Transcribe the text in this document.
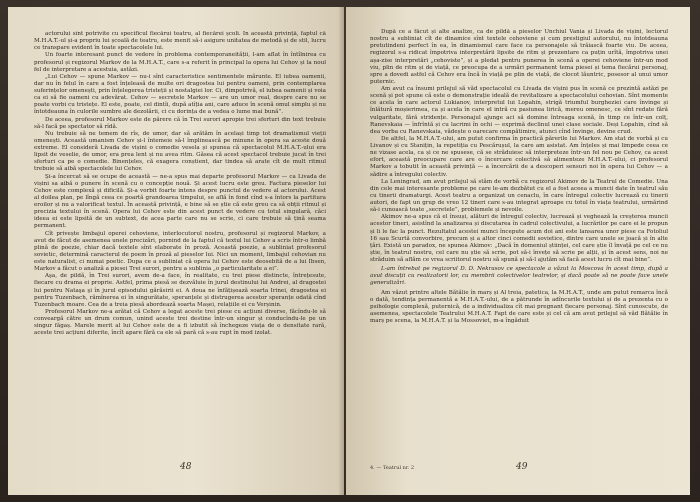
actorului sînt potrivite cu specificul fiecărui teatru, al fiecărei școli. În această privință, faptul că M.H.A.T.-ul și-a propriu lui școală de teatru, este menit să-i asigure unitatea de metodă și de stil, lucru ce transpare evident în toate spectacolele lui.

Un foarte interesant punct de vedere în problema contemporaneității, l-am aflat în întîlnirea cu profesorul și regizorul Markov de la M.H.A.T., care s-a referit în principal la opera lui Cehov și la noul fel de interpretare a acestuia, astăzi.

„Lui Cehov — spune Markov — nu-i sînt caracteristice sentimentele mărunte. El iubea oamenii, dar nu în felul în care a fost înțeleasă de multe ori dragostea lui pentru oameni, prin contemplarea suferințelor omenești, prin înțelegerea tristeții și nostalgiei lor. Ci, dimpotrivă, el iubea oamenii și voia ca ei să fie oameni cu adevărat. Cehov — secretele Markov — are un umor real, despre care nu se poate vorbi cu tristețe. El este, poate, cel dintîi, după atîția ani, care aduce în scenă omul simplu și nu întotdeauna în culorile sumbre ale dezolării, ci cu dorința de a vedea o lume mai bună”.

De aceea, profesorul Markov este de părere că în Trei surori apropie trei sferturi din text trebuie să-l facă pe spectator să rîdă.

Nu trebuie să ne temem de rîs, de umor, dar să arătăm în același timp tot dramatismul vieții omenești. Această umanism Cehov și-l întemeie să-l împlinească pe minune în opera sa aceste două extreme. El consideră Livada de vișini o comedie vesela și spunea că spectacolul M.H.A.T.-ului era lipsit de veselie, de umor, era prea lent și nu avea ritm. Găsea că acest spectacol trebuie jucat în trei sferturi ca pe o comedie. Binențeles, că exagera conștient, dar tindea să arate cît de mult ritmul trebuie să aibă spectacolele lui Cehov.

Și-a încercat să se ocupe de această — ne-a spus mai departe profesorul Markov — ca Livada de vișini sa aibă o punere în scenă cu o concepție nouă. Și acest lucru este greu. Factura pieselor lui Cehov este complexă și dificilă. Și-a vorbit foarte intens despre punctul de vedere al actorului. Acest al doilea plan, pe lîngă ceea ce poartă grandoarea timpului, se află în fond cînd s-a întors la partitura eroilor și nu a valorificat textul. În această privință, e bine să se știe că este greu ca să obții ritmul și precizia textului în scenă. Opera lui Cehov este din acest punct de vedere cu totul singulară, căci ideea ei este lipsită de un subtext, de acea parte care nu se scrie, ci care trebuie să țină seama permanent.

Cît privește limbajul operei cehoviene, interlocutorul nostru, profesorul și regizorul Markov, a avut de făcut de asemenea unele precizări, pornind de la faptul că textul lui Cehov a scris într-o limbă plină de poezie, chiar dacă textele sînt elaborate în proză. Această poezie, a subliniat profesorul sovietic, determină caracterul de poem în proză al pieselor lui. Nici un moment, limbajul cehovian nu este naturalist, ci numai poetic. Dupa ce a subliniat că opera lui Cehov este deosebită de a lui Ibsen, Markov a făcut o analiză a piesei Trei surori, pentru a sublinia „o particularitate a ei”.

Aşa, de pildă, în Trei surori, avem de-a face, în realitate, cu trei piese distincte, întrețesute, fiecare cu drama ei proprie. Astfel, prima piesă se dezvăluie în jurul destinului lui Andrei, al dragostei lui pentru Nataşa şi în jurul episodului gărăsirii ei. A doua ne înfățișează soarta Irinei, dragostea ei pentru Tuzenbach, rămînerea ei în singurătate, speranțele și distrugerea acestor speranțe odată cînd Tuzenbach moare. Cea de a treia piesă abordează soarta Mașei, relațiile ei cu Verșinin.

Profesorul Markov ne-a arătat că Cehov a legat aceste trei piese cu acțiuni diverse, făcîndu-le să conveargă către un drum comun, unind aceste trei destine într-un singur și conducîndu-le pe un singur făgaș. Marele merit al lui Cehov este de a fi izbutit să închegeze viața de o densitate rară, aceste trei acțiuni diferite, încît apare fără ca ele să pară că s-au rupt în mod izolat.

48

După ce a făcut și alte analize, ca de pildă a pieselor Unchiul Vania și Livada de vișini, lectorul nostru a subliniat cît de dinamice sînt textele cehoviene și cum prestigiul autorului, nu întotdeauna pretutindeni perfect în ea, în dinamismul care face ca personajele să trăiască foarte viu. De aceea, regizorul s-a ridicat împotriva interpretării lipsite de ritm și prezentare ca puțin urîtă, împotriva unei așa-zise interpretări „cehoviste”, și a pledat pentru punerea în scenă a operei cehoviene într-un mod viu, plin de ritm și de viață, ce preocupa de a urmări permanent tema piesei și tema fiecărui personaj, spre a dovedi astfel că Cehov era încă în viață pe plin de viață, de clocot lăuntric, posesor al unui umor puternic.

Am avut ca însumi prilejul să văd spectacolul cu Livada de vișini pus în scenă ce prezintă astăzi pe scenă și pot spune că este o demonstrație ideală de revitalizare a spectacolului cehovian. Sînt momente ce acela în care actorul Lukianov, interpretul lui Lopahin, strigă triumful burgheziei care învinge și înlătură moșierimea, ca și acela în care el intră cu pasiunea lirică, mereu omenesc, ce sînt redate fără vulgaritate, fără stridențe. Personajul ajunge aci să domine întreaga scenă, în timp ce într-un colț, Ranevskaia — înfrîntă și cu lacrimi în ochi — exprimă declinul unei clase sociale. Deși Lopahin, cînd să dea vorba cu Ranevskaia, vădește o oarecare compătimire, atunci cînd învinge, devine crud.

De altfel, la M.H.A.T.-ului, am putut confirma în practică părerile lui Markov. Am stat de vorbă și cu Livanov și cu Stanițin, la repetiția cu Pescărușul, la care am asistat. Am înțeles și mai limpede ceea ce ne vizase acela, ca și ce ne spusese, că se străduiesc să interpreteze într-un fel nou pe Cehov, ca acest efort, această preocupare care are o încercare colectivă să alimenteze M.H.A.T.-ului, ci profesorul Markov a tobutit în această privință — a încercării de a descoperi sensuri noi în opera lui Cehov — a sădire a întregului colectiv.

La Leningrad, am avut prilejul să stăm de vorbă cu regizorul Akimov de la Teatrul de Comedie. Una din cele mai interesante probleme pe care le-am dezbătut cu el a fost aceea a muncii date în teatrul său cu tinerii dramaturgi. Acest teatru a organizat un cenaclu, în care întregul colectiv lucrează cu tinerii autori, de fapt un grup de vreo 12 tineri care s-au integrat aproape cu totul în viața teatrului, urmărind să-i cunoască toate „secretele”, problemele și nevoile.

Akimov ne-a spus că el însuși, alături de întregul colectiv, lucrează și veghează la creșterea muncii acestor tineri, asistînd la analizarea și discutarea în cadrul colectivului, a lucrărilor pe care ei le propun și li le fac la punct. Rezultatul acestei munci începute acum doi ani este lansarea unor piese ca Fotoliul 16 sau Scurtă convorbire, precum și a altor cinci comedii sovietice, dintre care unele se joacă și în alte țări. Există un paradox, ne spunea Akimov: „Dacă în domeniul științei, cel care știe îl învață pe cel ce nu știe, în teatrul nostru, cel care nu știe să scrie, pot să-i învețe să scrie pe alții, și în acest sens, noi ne străduim să aflăm ce vrea scriitorul nostru să spună și să-l ajutăm să facă acest lucru cît mai bine”.

L-am întrebat pe regizorul D. D. Nekrasov ce spectacole a văzut la Moscova în acest timp, după a avut discuții cu realizatorii lor, cu membrii colectivelor teatrelor, și dacă poate să ne poate face unele generalizări.

Am văzut printre altele Bătălie în marș și Al treia, patetica, la M.H.A.T., unde am putut remarca încă o dată, tendința permanentă a M.H.A.T.-ului, de a pătrunde în adîncurile textului și de a prezenta cu o psihologie complexă, puternică, de a individualiza cît mai pregnant fiecare personaj. Sînt cunoscute, de asemenea, spectacolele Teatrului M.H.A.T. Fapt de care este și cel că am avut prilejul să văd Bătălie în marș pe scena, la M.H.A.T. și la Mossoviet, m-a îngăduit

4. — Teatrul nr. 2	49
